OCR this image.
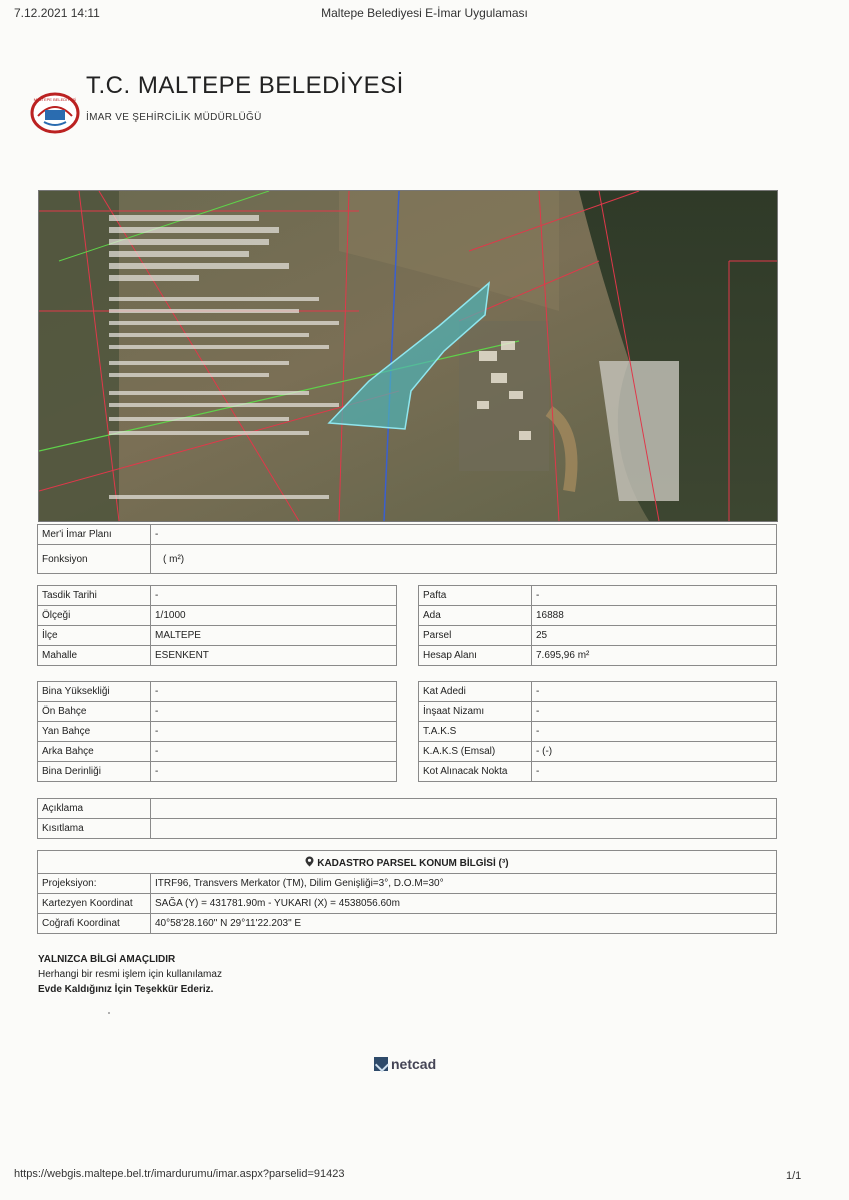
7.12.2021 14:11	Maltepe Belediyesi E-İmar Uygulaması
MALTEPE BELEDİYESİ
T.C. MALTEPE BELEDİYESİ
İMAR VE ŞEHİRCİLİK MÜDÜRLÜĞÜ
Mer'i İmar Planı	-
Fonksiyon	( m²)
Tasdik Tarihi	-
Ölçeği	1/1000
İlçe	MALTEPE
Mahalle	ESENKENT
Pafta	-
Ada	16888
Parsel	25
Hesap Alanı	7.695,96 m²
Bina Yüksekliği	-
Ön Bahçe	-
Yan Bahçe	-
Arka Bahçe	-
Bina Derinliği	-
Kat Adedi	-
İnşaat Nizamı	-
T.A.K.S	-
K.A.K.S (Emsal)	- (-)
Kot Alınacak Nokta	-
Açıklama	
Kısıtlama	
KADASTRO PARSEL KONUM BİLGİSİ (³)	
Projeksiyon:	ITRF96, Transvers Merkator (TM), Dilim Genişliği=3°, D.O.M=30°
Kartezyen Koordinat	SAĞA (Y) = 431781.90m - YUKARI (X) = 4538056.60m
Coğrafi Koordinat	40°58'28.160" N 29°11'22.203" E
YALNIZCA BİLGİ AMAÇLIDIR
Herhangi bir resmi işlem için kullanılamaz
Evde Kaldığınız İçin Teşekkür Ederiz.
netcad
https://webgis.maltepe.bel.tr/imardurumu/imar.aspx?parselid=91423	1/1
